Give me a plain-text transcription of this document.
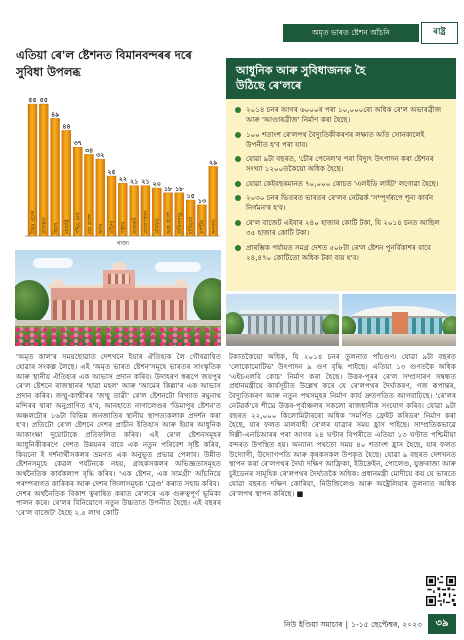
অমৃত ভাৰত ষ্টেশন আঁচনি	ৰাষ্ট্ৰ
এতিয়া ৰে'ল ষ্টেশনত বিমানবন্দৰৰ দৰে
সুবিধা উপলব্ধ
ৰাজ্য
৫৫
উত্তৰ প্ৰদেশ
৫৫
ৰাজস্থান
৪৯
বিহাৰ
৪৪
মহাৰাষ্ট্ৰ
৩৭
পশ্চিম বংগ
৩৪
মধ্য প্ৰদেশ
৩২
অসম
২৫
ওড়িশা
২২
পঞ্জাব
২১
গুজৰাট
২১
তেলেংগানা
২০
ঝাৰখণ্ড
১৮
অন্ধ্ৰ প্ৰদেশ
১৮
তামিলনাডু
১৫
হাৰিয়ানা
১৩
কৰ্ণাটক
২৯
অন্যান্য
আধুনিক আৰু সুবিধাজনক হৈ
উঠিছে ৰে'লৰে
২০১৪ চনৰ আগৰ ৬০০০ৰ পৰা ১০,০০০ৰো অধিক ৰে'ল অভাৰব্ৰীজ আৰু 'আণ্ডাৰব্ৰীজ' নিৰ্মাণ কৰা হৈছে।
১০০ শতাংশ ৰে'লপথ বৈদ্যুতিকীকৰণৰ লক্ষ্যত অতি সোনকালেই উপনীত হ'ব পৰা যাব।
যোৱা ৯টা বছৰত, 'চৌৰ পেনেল'ৰ পৰা বিদ্যুৎ উৎপাদন কৰা ষ্টেশনৰ সংখ্যা ১২০০তকৈয়ো অধিক হৈছে।
যোৱা কেইবছৰমানত ৭০,০০০ কোচত 'এলইডি লাইট' লগোৱা হৈছে।
২০৩০ চনৰ ভিতৰত ভাৰতৰ ৰে'লৰ নেটৱৰ্ক 'সম্পূৰ্ণৰূপে শূন্য কাৰ্বন নিৰ্গমন'ৰ হ'ব।
ৰে'ল বাজেট এইবাৰ ২৪০ হাজাৰ কোটি টকা, যি ২০১৪ চনত আছিল ৩৫ হাজাৰ কোটি টকা।
প্ৰাৰম্ভিক পৰ্যায়ত সমগ্ৰ দেশত ৫০৮টা ৰে'ল ষ্টেশন পুনৰ্বিকাশৰ বাবে ২৪,৪৭০ কোটিতো অধিক টকা ব্যয় হ'ব।

'অমৃত কাল'ৰ সময়ছোৱাত দেশখনে ইয়াৰ ঐতিহ্যক লৈ গৌৰৱান্বিত হোৱাৰ সংকল্প লৈছে। এই 'অমৃত ভাৰত ষ্টেশন'সমূহে ভাৰতৰ সাংস্কৃতিক আৰু স্থানীয় ঐতিহ্যৰ এক আভাস প্ৰদান কৰিব। উদাহৰণ স্বৰূপে জয়পুৰ ৰে'ল ষ্টেশনে ৰাজস্থানৰ 'হাৱা মহল' আৰু 'আমেৰ কিল্লা'ৰ এক আভাস প্ৰদান কৰিব। জম্মু-কাশ্মীৰৰ 'জম্মু তাৱী' ৰে'ল ষ্টেশনটো বিখ্যাত ৰঘুনাথ মন্দিৰৰ দ্বাৰা অনুপ্ৰাণিত হ'ব, আনহাতে নাগালেণ্ডৰ 'ডিমাপুৰ ষ্টেশন'ত অঞ্চলটোৰ ১৬টা বিভিন্ন জনজাতিৰ স্থানীয় স্থাপত্যকলাক প্ৰদৰ্শন কৰা হ'ব। প্ৰতিটো ৰে'ল ষ্টেশনে দেশৰ প্ৰাচীন ইতিহাস আৰু ইয়াৰ আধুনিক আকাংক্ষা দুয়োটাকে প্ৰতিফলিত কৰিব। এই ৰে'ল ষ্টেশনসমূহৰ আধুনিকীকৰণে দেশত উন্নয়নৰ বাবে এক নতুন পৰিবেশ সৃষ্টি কৰিব, কিয়নো ই দৰ্শনাৰ্থীসকলৰ ভ্ৰমণত এক অনুভূত প্ৰভাৱ পেলাব। উন্নীত ষ্টেশনসমূহে কেৱল পৰ্যটনকে নহয়, গ্ৰাহকসকলৰ অভিজ্ঞতাসমূহত অৰ্থনৈতিক কাৰ্যকলাপ বৃদ্ধি কৰিব। 'এক ষ্টেশন, এক সামগ্ৰী' আঁচনিয়ে পৰম্পৰাগত কাৰিকৰ আৰু দেশৰ জিলাসমূহক 'ব্ৰেণ্ড' কৰাত সহায় কৰিব।

দেশৰ অৰ্থনৈতিক বিকাশ ত্বৰান্বিত কৰাত ৰে'লৰে এক গুৰুত্বপূৰ্ণ ভূমিকা পালন কৰে। ৰে'লৰ বিনিয়োগে নতুন উচ্চতাত উপনীত হৈছে। এই বছৰৰ 'ৰে'ল বাজেট' হৈছে ২.৫ লাখ কোটি

টকাতকৈয়ো অধিক, যি ২০১৪ চনৰ তুলনাত পাঁচগুণ। যোৱা ৯টা বছৰত 'লোকোমোটিভ' উৎপাদন ৯ গুণ বৃদ্ধি পাইছে। এতিয়া ১৩ গুণতকৈ অধিক 'এইচএলবি কোচ' নিৰ্মাণ কৰা হৈছে। উত্তৰ-পূৰৰ ৰে'ল সম্প্ৰসাৰণ সম্বন্ধত প্ৰধানমন্ত্ৰীয়ে কাৰ্যসূচীত উল্লেখ কৰে যে ৰে'লপথৰ দৈৰ্ঘ্যকৰণ, গজ ৰূপান্তৰ, বৈদ্যুতিকৰণ আৰু নতুন পথসমূহৰ নিৰ্মাণ কাৰ্য দ্ৰুতগতিত আগবাঢ়িছে। 'ৰে'লৰ নেটৱৰ্ক'ৰে শীঘ্ৰে উত্তৰ-পূৰ্বাঞ্চলৰ সকলো ৰাজধানীক সংযোগ কৰিব। যোৱা ৯টা বছৰত ২২,০০০ কিলোমিটাৰৰো অধিক 'সমৰ্পিত ফ্ৰেইট কৰিডৰ' নিৰ্মাণ কৰা হৈছে, যাৰ ফলত মালবাহী ৰে'লৰ যাত্ৰাৰ সময় হ্ৰাস পাইছে। সাম্প্ৰতিকভাৱে দিল্লী-এনচিআৰৰ পৰা আগৰ ২৪ ঘণ্টাৰ বিপৰীতে এতিয়া ১৩ ঘণ্টাত পশ্চিমীয়া বন্দৰত উপস্থিত হয়। অন্যান্য পথতো সময় ৪০ শতাংশ হ্ৰাস হৈছে, যাৰ ফলত উদ্যোগী, উদ্যোগপতি আৰু কৃষকসকল উপকৃত হৈছে। যোৱা ৯ বছৰত দেশখনত স্থাপন কৰা ৰে'লপথৰ দৈৰ্ঘ্য দক্ষিণ আফ্ৰিকা, ইউক্ৰেইন, পোলেণ্ড, যুক্তৰাজ্য আৰু চুইডেনৰ সামূহিক ৰে'লপথৰ দৈৰ্ঘ্যতকৈ অধিক। প্ৰধানমন্ত্ৰী মোদীয়ে কয় যে ভাৰতে যোৱা বছৰত দক্ষিণ কোৰিয়া, নিউজিলেণ্ড আৰু অষ্ট্ৰেলিয়াৰ তুলনাত অধিক ৰে'লপথ স্থাপন কৰিছে। ■

নিউ ইণ্ডিয়া সমাচাৰ | ১-১৫ ছেপ্টেম্বৰ, ২০২৩	৩৯
